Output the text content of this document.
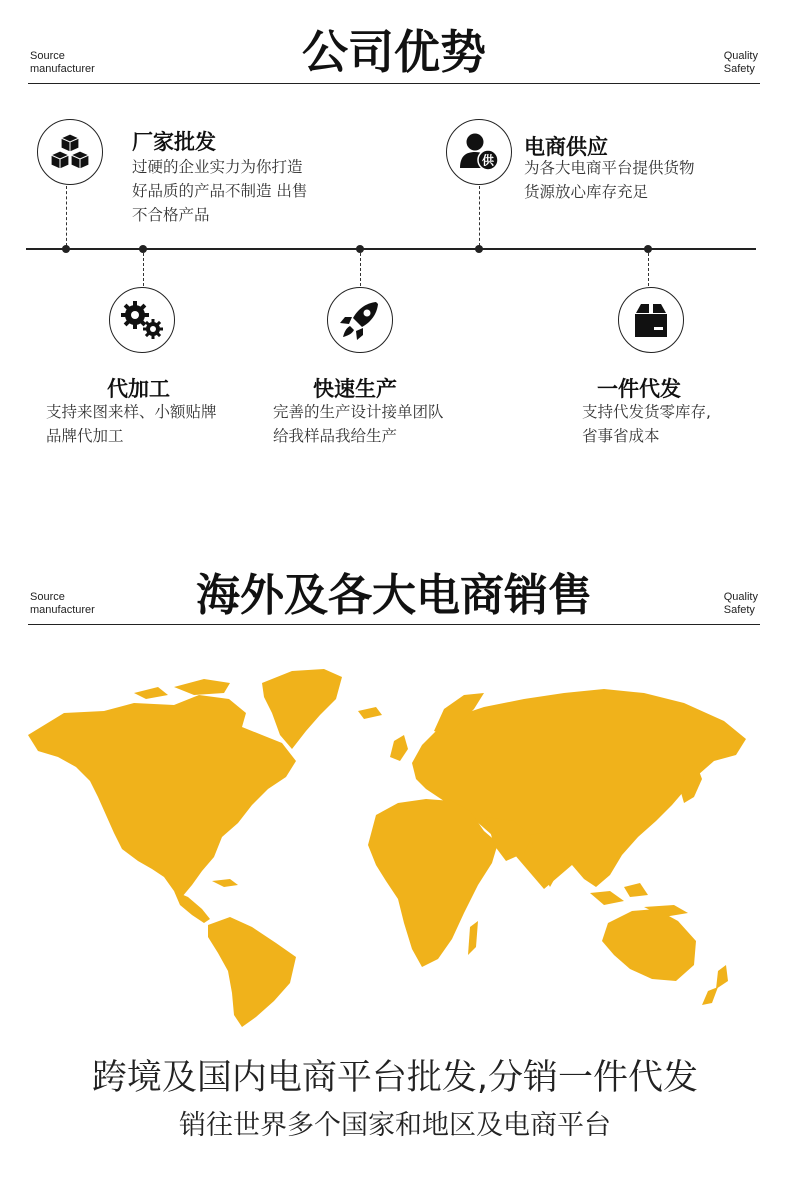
Source
manufacturer	公司优势	Quality
Safety
厂家批发
过硬的企业实力为你打造
好品质的产品不制造 出售
不合格产品
供
电商供应
为各大电商平台提供货物
货源放心库存充足
代加工
支持来图来样、小额贴牌
品牌代加工
快速生产
完善的生产设计接单团队
给我样品我给生产
一件代发
支持代发货零库存,
省事省成本
Source
manufacturer	海外及各大电商销售	Quality
Safety
跨境及国内电商平台批发,分销一件代发
销往世界多个国家和地区及电商平台
